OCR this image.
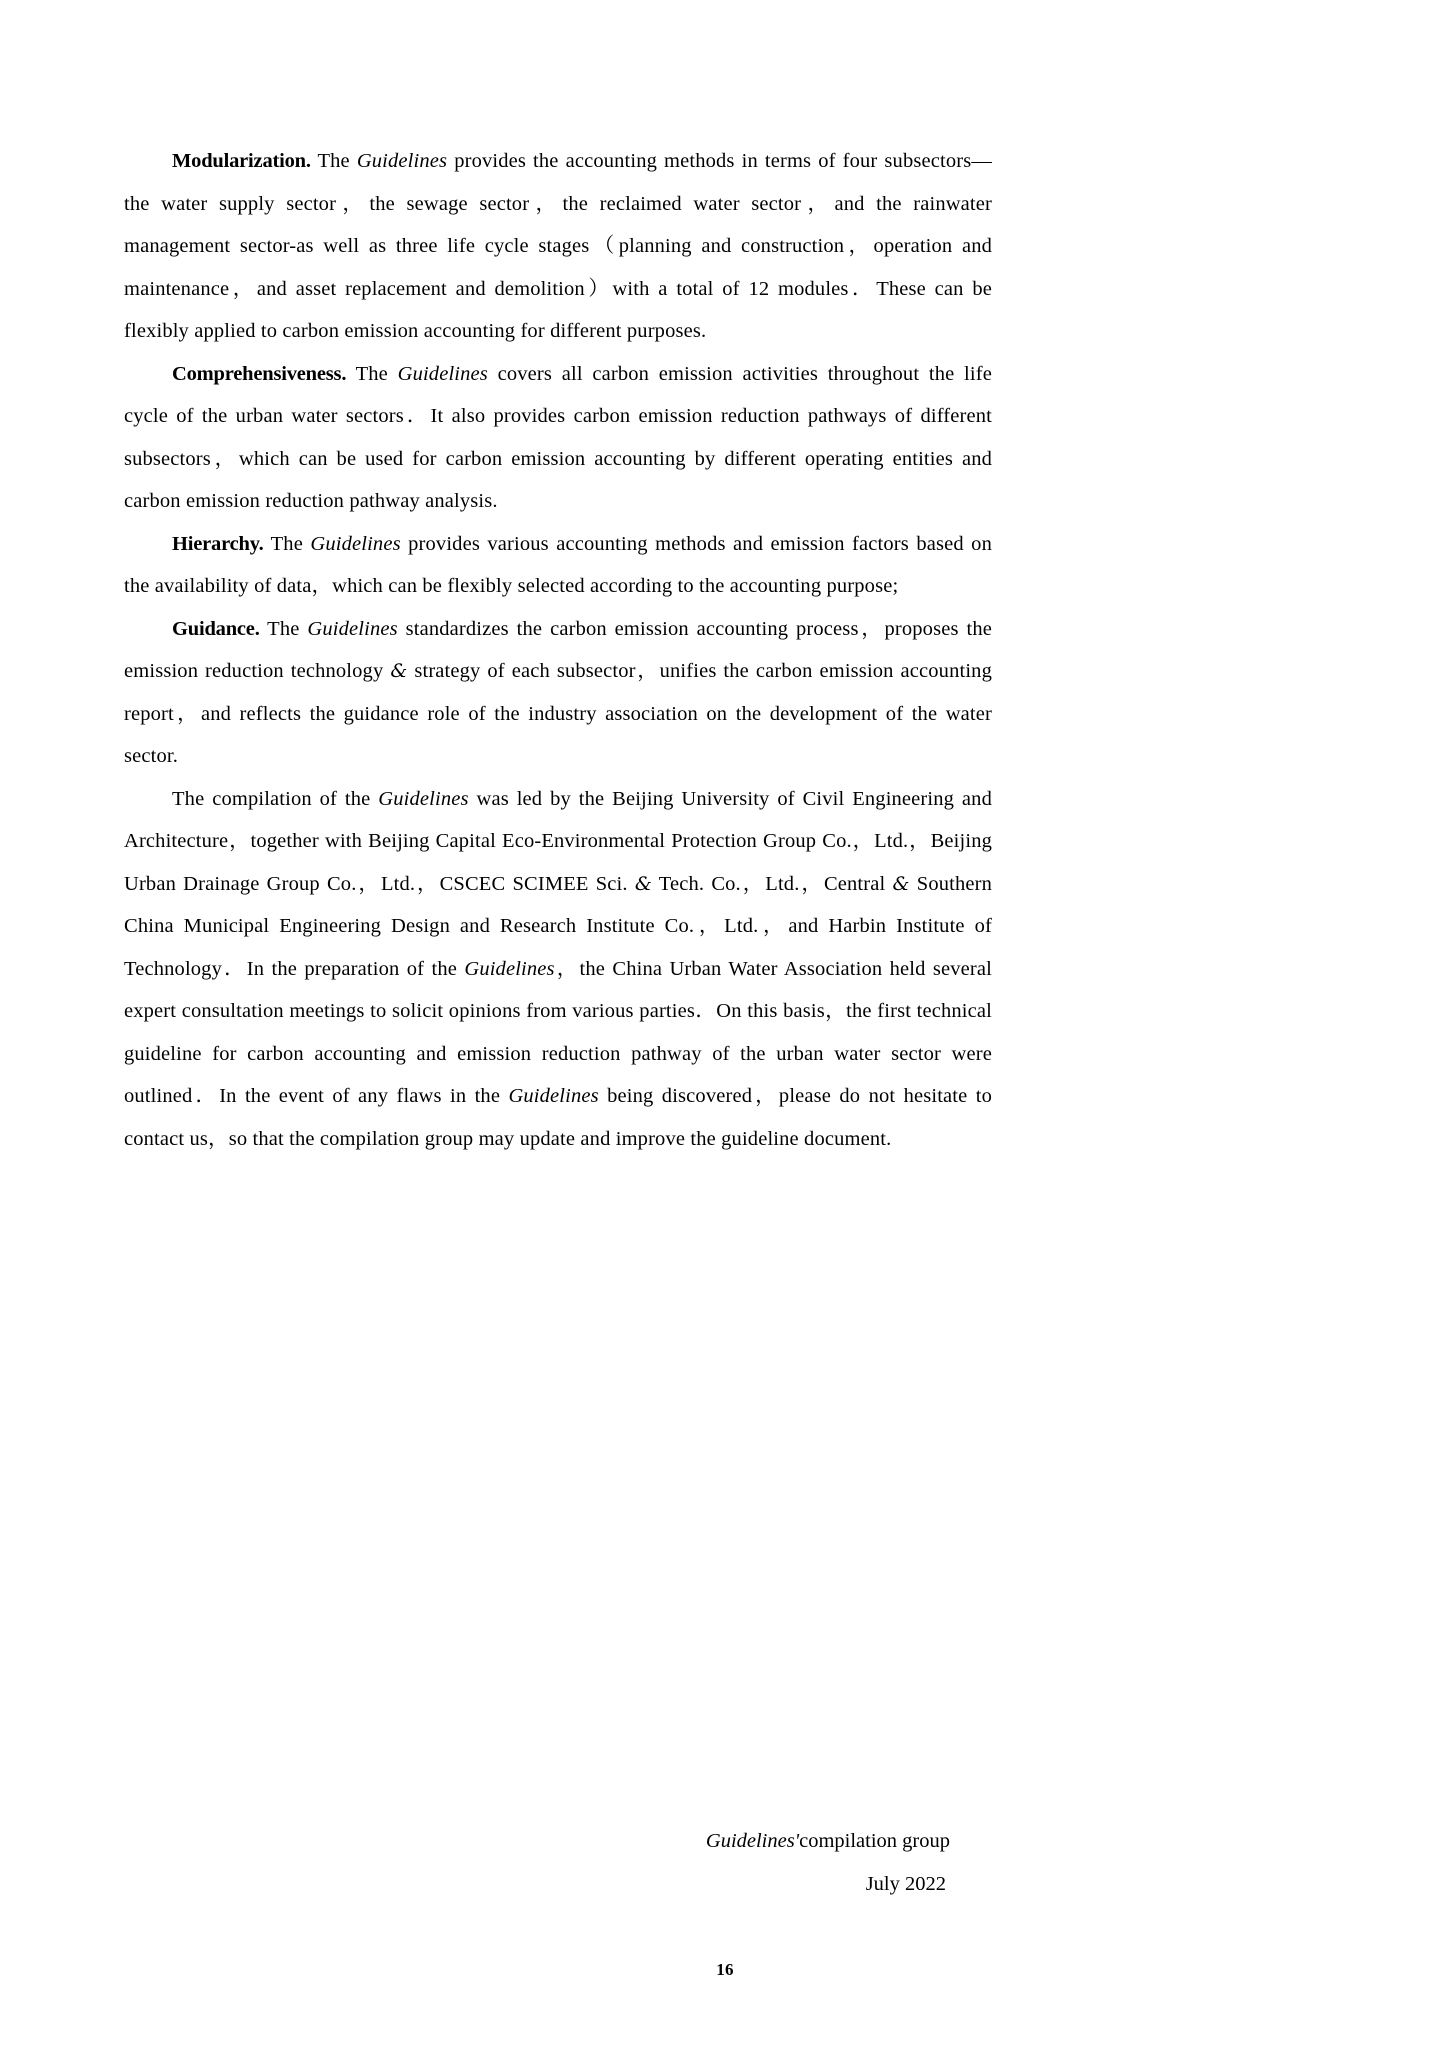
Modularization. The Guidelines provides the accounting methods in terms of four subsectors—the water supply sector，the sewage sector，the reclaimed water sector，and the rainwater management sector-as well as three life cycle stages（planning and construction，operation and maintenance，and asset replacement and demolition）with a total of 12 modules．These can be flexibly applied to carbon emission accounting for different purposes.

Comprehensiveness. The Guidelines covers all carbon emission activities throughout the life cycle of the urban water sectors．It also provides carbon emission reduction pathways of different subsectors，which can be used for carbon emission accounting by different operating entities and carbon emission reduction pathway analysis.

Hierarchy. The Guidelines provides various accounting methods and emission factors based on the availability of data，which can be flexibly selected according to the accounting purpose;

Guidance. The Guidelines standardizes the carbon emission accounting process，proposes the emission reduction technology & strategy of each subsector，unifies the carbon emission accounting report，and reflects the guidance role of the industry association on the development of the water sector.

The compilation of the Guidelines was led by the Beijing University of Civil Engineering and Architecture，together with Beijing Capital Eco-Environmental Protection Group Co.，Ltd.，Beijing Urban Drainage Group Co.，Ltd.，CSCEC SCIMEE Sci. & Tech. Co.，Ltd.，Central & Southern China Municipal Engineering Design and Research Institute Co.，Ltd.，and Harbin Institute of Technology．In the preparation of the Guidelines，the China Urban Water Association held several expert consultation meetings to solicit opinions from various parties．On this basis，the first technical guideline for carbon accounting and emission reduction pathway of the urban water sector were outlined．In the event of any flaws in the Guidelines being discovered，please do not hesitate to contact us，so that the compilation group may update and improve the guideline document.

Guidelines'compilation group
July 2022
16
